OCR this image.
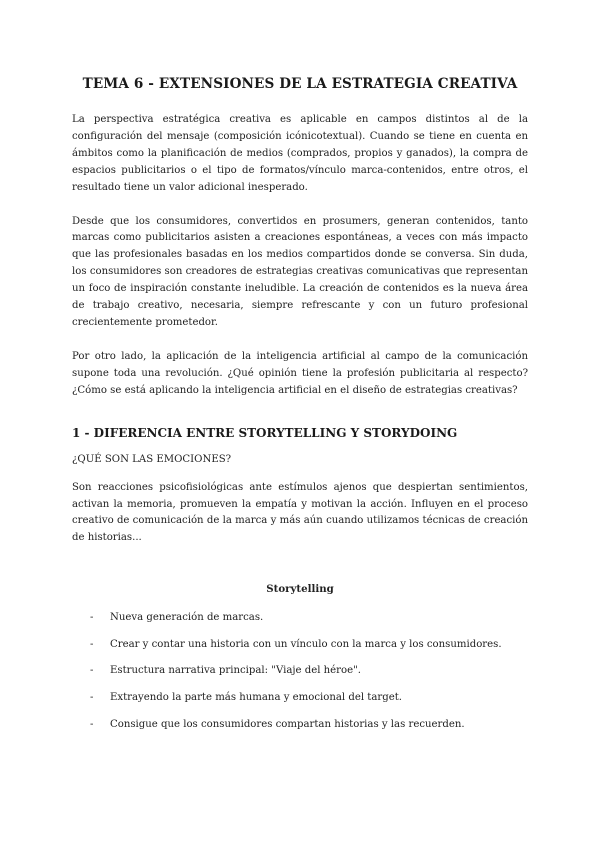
TEMA 6 - EXTENSIONES DE LA ESTRATEGIA CREATIVA

La perspectiva estratégica creativa es aplicable en campos distintos al de la configuración del mensaje (composición icónicotextual). Cuando se tiene en cuenta en ámbitos como la planificación de medios (comprados, propios y ganados), la compra de espacios publicitarios o el tipo de formatos/vínculo marca-contenidos, entre otros, el resultado tiene un valor adicional inesperado.

Desde que los consumidores, convertidos en prosumers, generan contenidos, tanto marcas como publicitarios asisten a creaciones espontáneas, a veces con más impacto que las profesionales basadas en los medios compartidos donde se conversa. Sin duda, los consumidores son creadores de estrategias creativas comunicativas que representan un foco de inspiración constante ineludible. La creación de contenidos es la nueva área de trabajo creativo, necesaria, siempre refrescante y con un futuro profesional crecientemente prometedor.

Por otro lado, la aplicación de la inteligencia artificial al campo de la comunicación supone toda una revolución. ¿Qué opinión tiene la profesión publicitaria al respecto? ¿Cómo se está aplicando la inteligencia artificial en el diseño de estrategias creativas?

1 - DIFERENCIA ENTRE STORYTELLING Y STORYDOING
¿QUÉ SON LAS EMOCIONES?

Son reacciones psicofisiológicas ante estímulos ajenos que despiertan sentimientos, activan la memoria, promueven la empatía y motivan la acción. Influyen en el proceso creativo de comunicación de la marca y más aún cuando utilizamos técnicas de creación de historias...

Storytelling
- Nueva generación de marcas.
- Crear y contar una historia con un vínculo con la marca y los consumidores.
- Estructura narrativa principal: "Viaje del héroe".
- Extrayendo la parte más humana y emocional del target.
- Consigue que los consumidores compartan historias y las recuerden.
